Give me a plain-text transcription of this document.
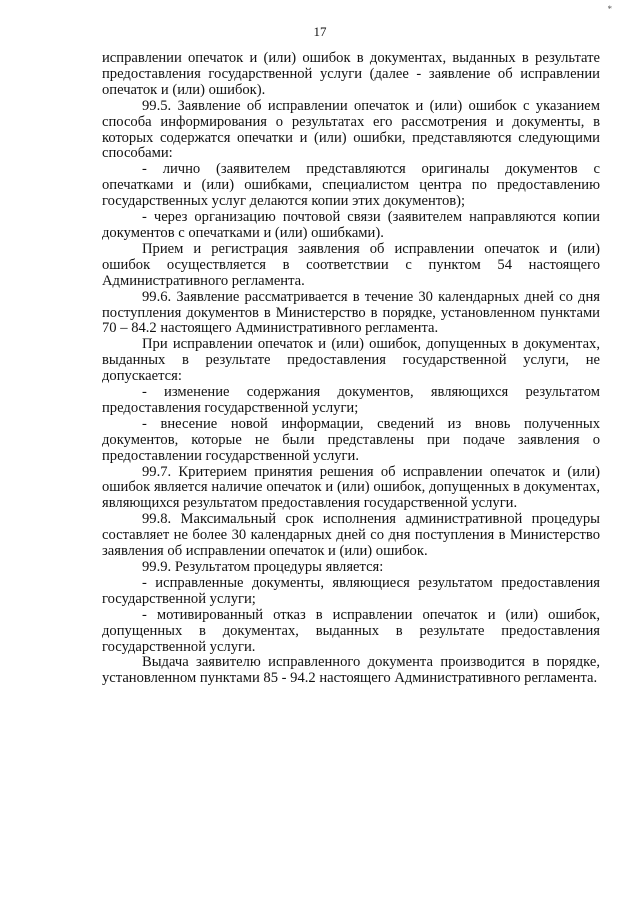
*
17

исправлении опечаток и (или) ошибок в документах, выданных в результате предоставления государственной услуги (далее - заявление об исправлении опечаток и (или) ошибок).

99.5. Заявление об исправлении опечаток и (или) ошибок с указанием способа информирования о результатах его рассмотрения и документы, в которых содержатся опечатки и (или) ошибки, представляются следующими способами:

- лично (заявителем представляются оригиналы документов с опечатками и (или) ошибками, специалистом центра по предоставлению государственных услуг делаются копии этих документов);

- через организацию почтовой связи (заявителем направляются копии документов с опечатками и (или) ошибками).

Прием и регистрация заявления об исправлении опечаток и (или) ошибок осуществляется в соответствии с пунктом 54 настоящего Административного регламента.

99.6. Заявление рассматривается в течение 30 календарных дней со дня поступления документов в Министерство в порядке, установленном пунктами 70 – 84.2 настоящего Административного регламента.

При исправлении опечаток и (или) ошибок, допущенных в документах, выданных в результате предоставления государственной услуги, не допускается:

- изменение содержания документов, являющихся результатом предоставления государственной услуги;

- внесение новой информации, сведений из вновь полученных документов, которые не были представлены при подаче заявления о предоставлении государственной услуги.

99.7. Критерием принятия решения об исправлении опечаток и (или) ошибок является наличие опечаток и (или) ошибок, допущенных в документах, являющихся результатом предоставления государственной услуги.

99.8. Максимальный срок исполнения административной процедуры составляет не более 30 календарных дней со дня поступления в Министерство заявления об исправлении опечаток и (или) ошибок.

99.9. Результатом процедуры является:

- исправленные документы, являющиеся результатом предоставления государственной услуги;

- мотивированный отказ в исправлении опечаток и (или) ошибок, допущенных в документах, выданных в результате предоставления государственной услуги.

Выдача заявителю исправленного документа производится в порядке, установленном пунктами 85 - 94.2 настоящего Административного регламента.
